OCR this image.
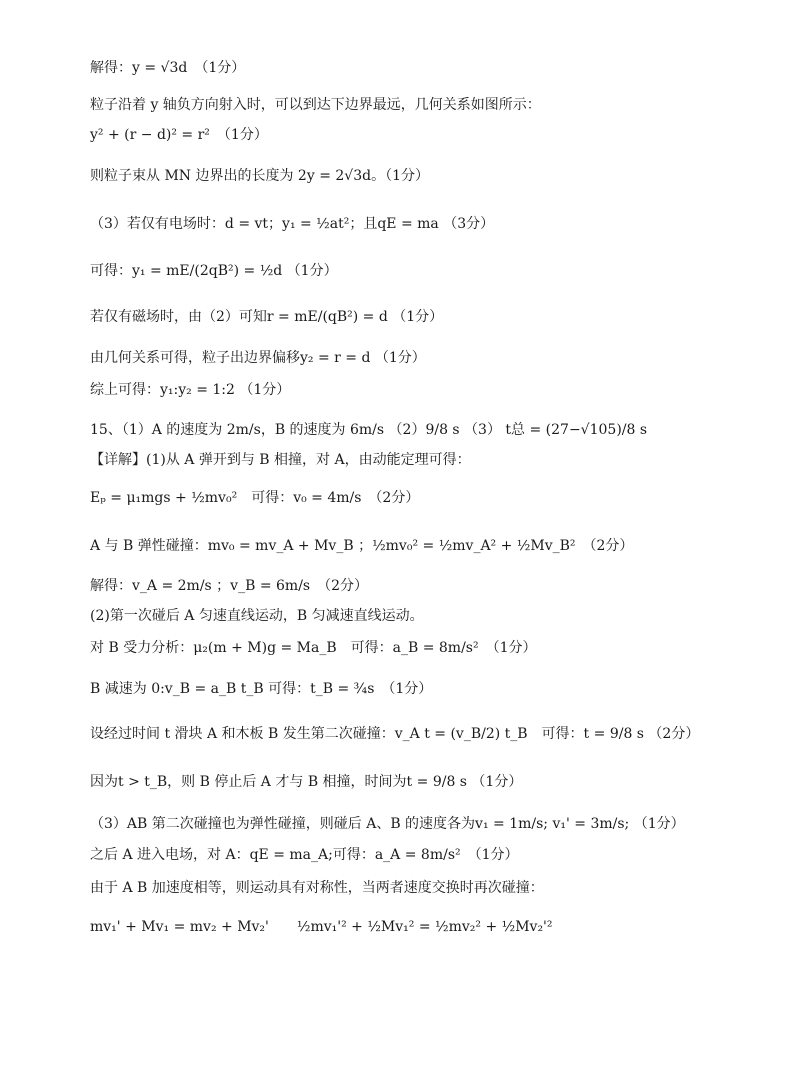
解得：y = √3d　（1分）
粒子沿着 y 轴负方向射入时，可以到达下边界最远，几何关系如图所示：
y² + (r − d)² = r²　（1分）
则粒子束从 MN 边界出的长度为 2y = 2√3d。（1分）
（3）若仅有电场时：d = vt；y₁ = ½at²；且qE = ma （3分）
可得：y₁ = mE/(2qB²) = ½d （1分）
若仅有磁场时，由（2）可知r = mE/(qB²) = d （1分）
由几何关系可得，粒子出边界偏移y₂ = r = d （1分）
综上可得：y₁:y₂ = 1:2 （1分）
15、（1）A 的速度为 2m/s，B 的速度为 6m/s （2）9/8 s （3） t总 = (27−√105)/8 s
【详解】(1)从 A 弹开到与 B 相撞，对 A，由动能定理可得：
Eₚ = μ₁mgs + ½mv₀²　可得：v₀ = 4m/s　（2分）
A 与 B 弹性碰撞：mv₀ = mv_A + Mv_B ；½mv₀² = ½mv_A² + ½Mv_B²　（2分）
解得：v_A = 2m/s ；v_B = 6m/s　（2分）
(2)第一次碰后 A 匀速直线运动，B 匀减速直线运动。
对 B 受力分析：μ₂(m + M)g = Ma_B　可得：a_B = 8m/s²　（1分）
B 减速为 0:v_B = a_B t_B 可得：t_B = ¾s　（1分）
设经过时间 t 滑块 A 和木板 B 发生第二次碰撞：v_A t = (v_B/2) t_B　可得：t = 9/8 s （2分）
因为t > t_B，则 B 停止后 A 才与 B 相撞，时间为t = 9/8 s （1分）
（3）AB 第二次碰撞也为弹性碰撞，则碰后 A、B 的速度各为v₁ = 1m/s; v₁' = 3m/s; （1分）
之后 A 进入电场，对 A：qE = ma_A;可得：a_A = 8m/s²　（1分）
由于 A B 加速度相等，则运动具有对称性，当两者速度交换时再次碰撞：
mv₁' + Mv₁ = mv₂ + Mv₂'　　½mv₁'² + ½Mv₁² = ½mv₂² + ½Mv₂'²
